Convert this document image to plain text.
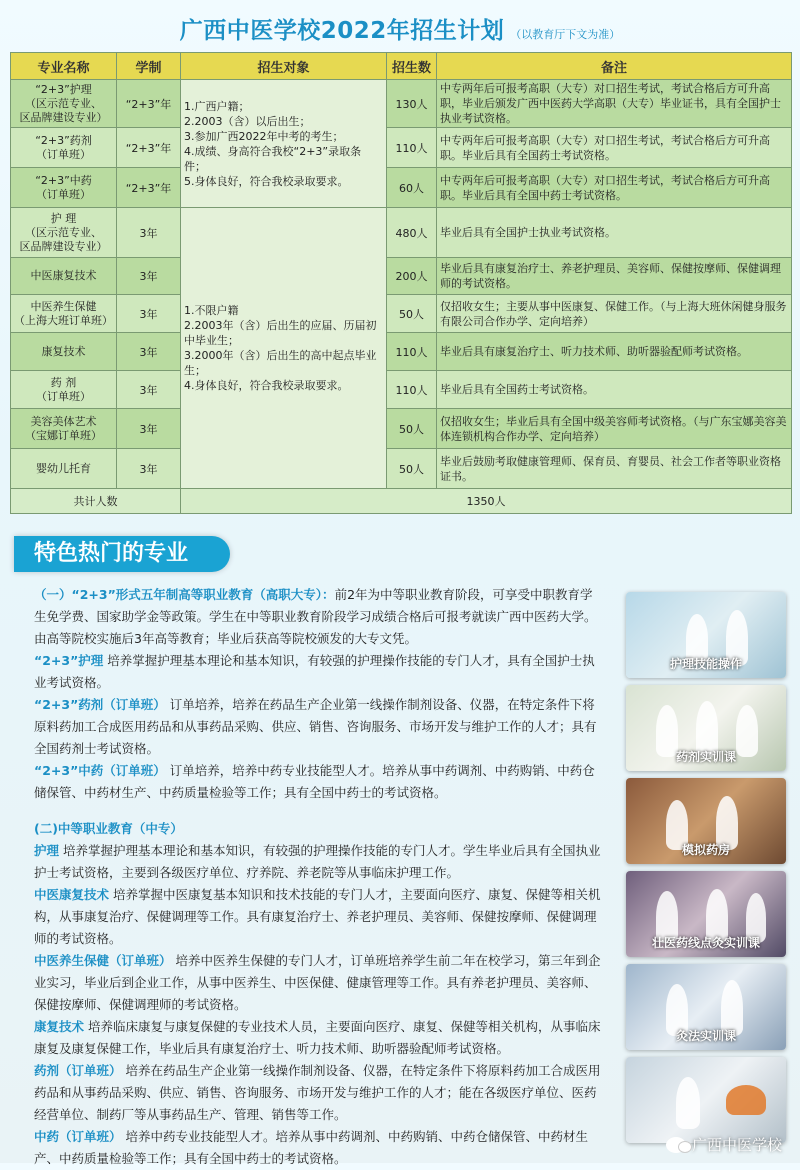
广西中医学校2022年招生计划 （以教育厅下文为准）
专业名称	学制	招生对象	招生数	备注
“2+3”护理
（区示范专业、
区品牌建设专业）	“2+3”年	1.广西户籍；
2.2003（含）以后出生；
3.参加广西2022年中考的考生；
4.成绩、身高符合我校“2+3”录取条件；
5.身体良好，符合我校录取要求。	130人	中专两年后可报考高职（大专）对口招生考试，考试合格后方可升高职，毕业后颁发广西中医药大学高职（大专）毕业证书，具有全国护士执业考试资格。
“2+3”药剂
（订单班）	“2+3”年		110人	中专两年后可报考高职（大专）对口招生考试，考试合格后方可升高职。毕业后具有全国药士考试资格。
“2+3”中药
（订单班）	“2+3”年		60人	中专两年后可报考高职（大专）对口招生考试，考试合格后方可升高职。毕业后具有全国中药士考试资格。
护 理
（区示范专业、
区品牌建设专业）	3年	1.不限户籍
2.2003年（含）后出生的应届、历届初中毕业生；
3.2000年（含）后出生的高中起点毕业生；
4.身体良好，符合我校录取要求。	480人	毕业后具有全国护士执业考试资格。
中医康复技术	3年		200人	毕业后具有康复治疗士、养老护理员、美容师、保健按摩师、保健调理师的考试资格。
中医养生保健
（上海大班订单班）	3年		50人	仅招收女生；主要从事中医康复、保健工作。（与上海大班休闲健身服务有限公司合作办学、定向培养）
康复技术	3年		110人	毕业后具有康复治疗士、听力技术师、助听器验配师考试资格。
药 剂
（订单班）	3年		110人	毕业后具有全国药士考试资格。
美容美体艺术
（宝娜订单班）	3年		50人	仅招收女生；毕业后具有全国中级美容师考试资格。（与广东宝娜美容美体连锁机构合作办学、定向培养）
婴幼儿托育	3年		50人	毕业后鼓励考取健康管理师、保育员、育婴员、社会工作者等职业资格证书。
共计人数		1350人		
特色热门的专业

（一）“2+3”形式五年制高等职业教育（高职大专）：前2年为中等职业教育阶段，可享受中职教育学生免学费、国家助学金等政策。学生在中等职业教育阶段学习成绩合格后可报考就读广西中医药大学。由高等院校实施后3年高等教育；毕业后获高等院校颁发的大专文凭。

“2+3”护理 培养掌握护理基本理论和基本知识，有较强的护理操作技能的专门人才，具有全国护士执业考试资格。

“2+3”药剂（订单班） 订单培养，培养在药品生产企业第一线操作制剂设备、仪器，在特定条件下将原料药加工合成医用药品和从事药品采购、供应、销售、咨询服务、市场开发与维护工作的人才；具有全国药剂士考试资格。

“2+3”中药（订单班） 订单培养，培养中药专业技能型人才。培养从事中药调剂、中药购销、中药仓储保管、中药材生产、中药质量检验等工作；具有全国中药士的考试资格。

(二)中等职业教育（中专）

护理 培养掌握护理基本理论和基本知识，有较强的护理操作技能的专门人才。学生毕业后具有全国执业护士考试资格，主要到各级医疗单位、疗养院、养老院等从事临床护理工作。

中医康复技术 培养掌握中医康复基本知识和技术技能的专门人才，主要面向医疗、康复、保健等相关机构，从事康复治疗、保健调理等工作。具有康复治疗士、养老护理员、美容师、保健按摩师、保健调理师的考试资格。

中医养生保健（订单班） 培养中医养生保健的专门人才，订单班培养学生前二年在校学习，第三年到企业实习，毕业后到企业工作，从事中医养生、中医保健、健康管理等工作。具有养老护理员、美容师、保健按摩师、保健调理师的考试资格。

康复技术 培养临床康复与康复保健的专业技术人员，主要面向医疗、康复、保健等相关机构，从事临床康复及康复保健工作，毕业后具有康复治疗士、听力技术师、助听器验配师考试资格。

药剂（订单班） 培养在药品生产企业第一线操作制剂设备、仪器，在特定条件下将原料药加工合成医用药品和从事药品采购、供应、销售、咨询服务、市场开发与维护工作的人才；能在各级医疗单位、医药经营单位、制药厂等从事药品生产、管理、销售等工作。

中药（订单班） 培养中药专业技能型人才。培养从事中药调剂、中药购销、中药仓储保管、中药材生产、中药质量检验等工作；具有全国中药士的考试资格。

护理技能操作
药剂实训课
模拟药房
壮医药线点灸实训课
灸法实训课
广西中医学校
